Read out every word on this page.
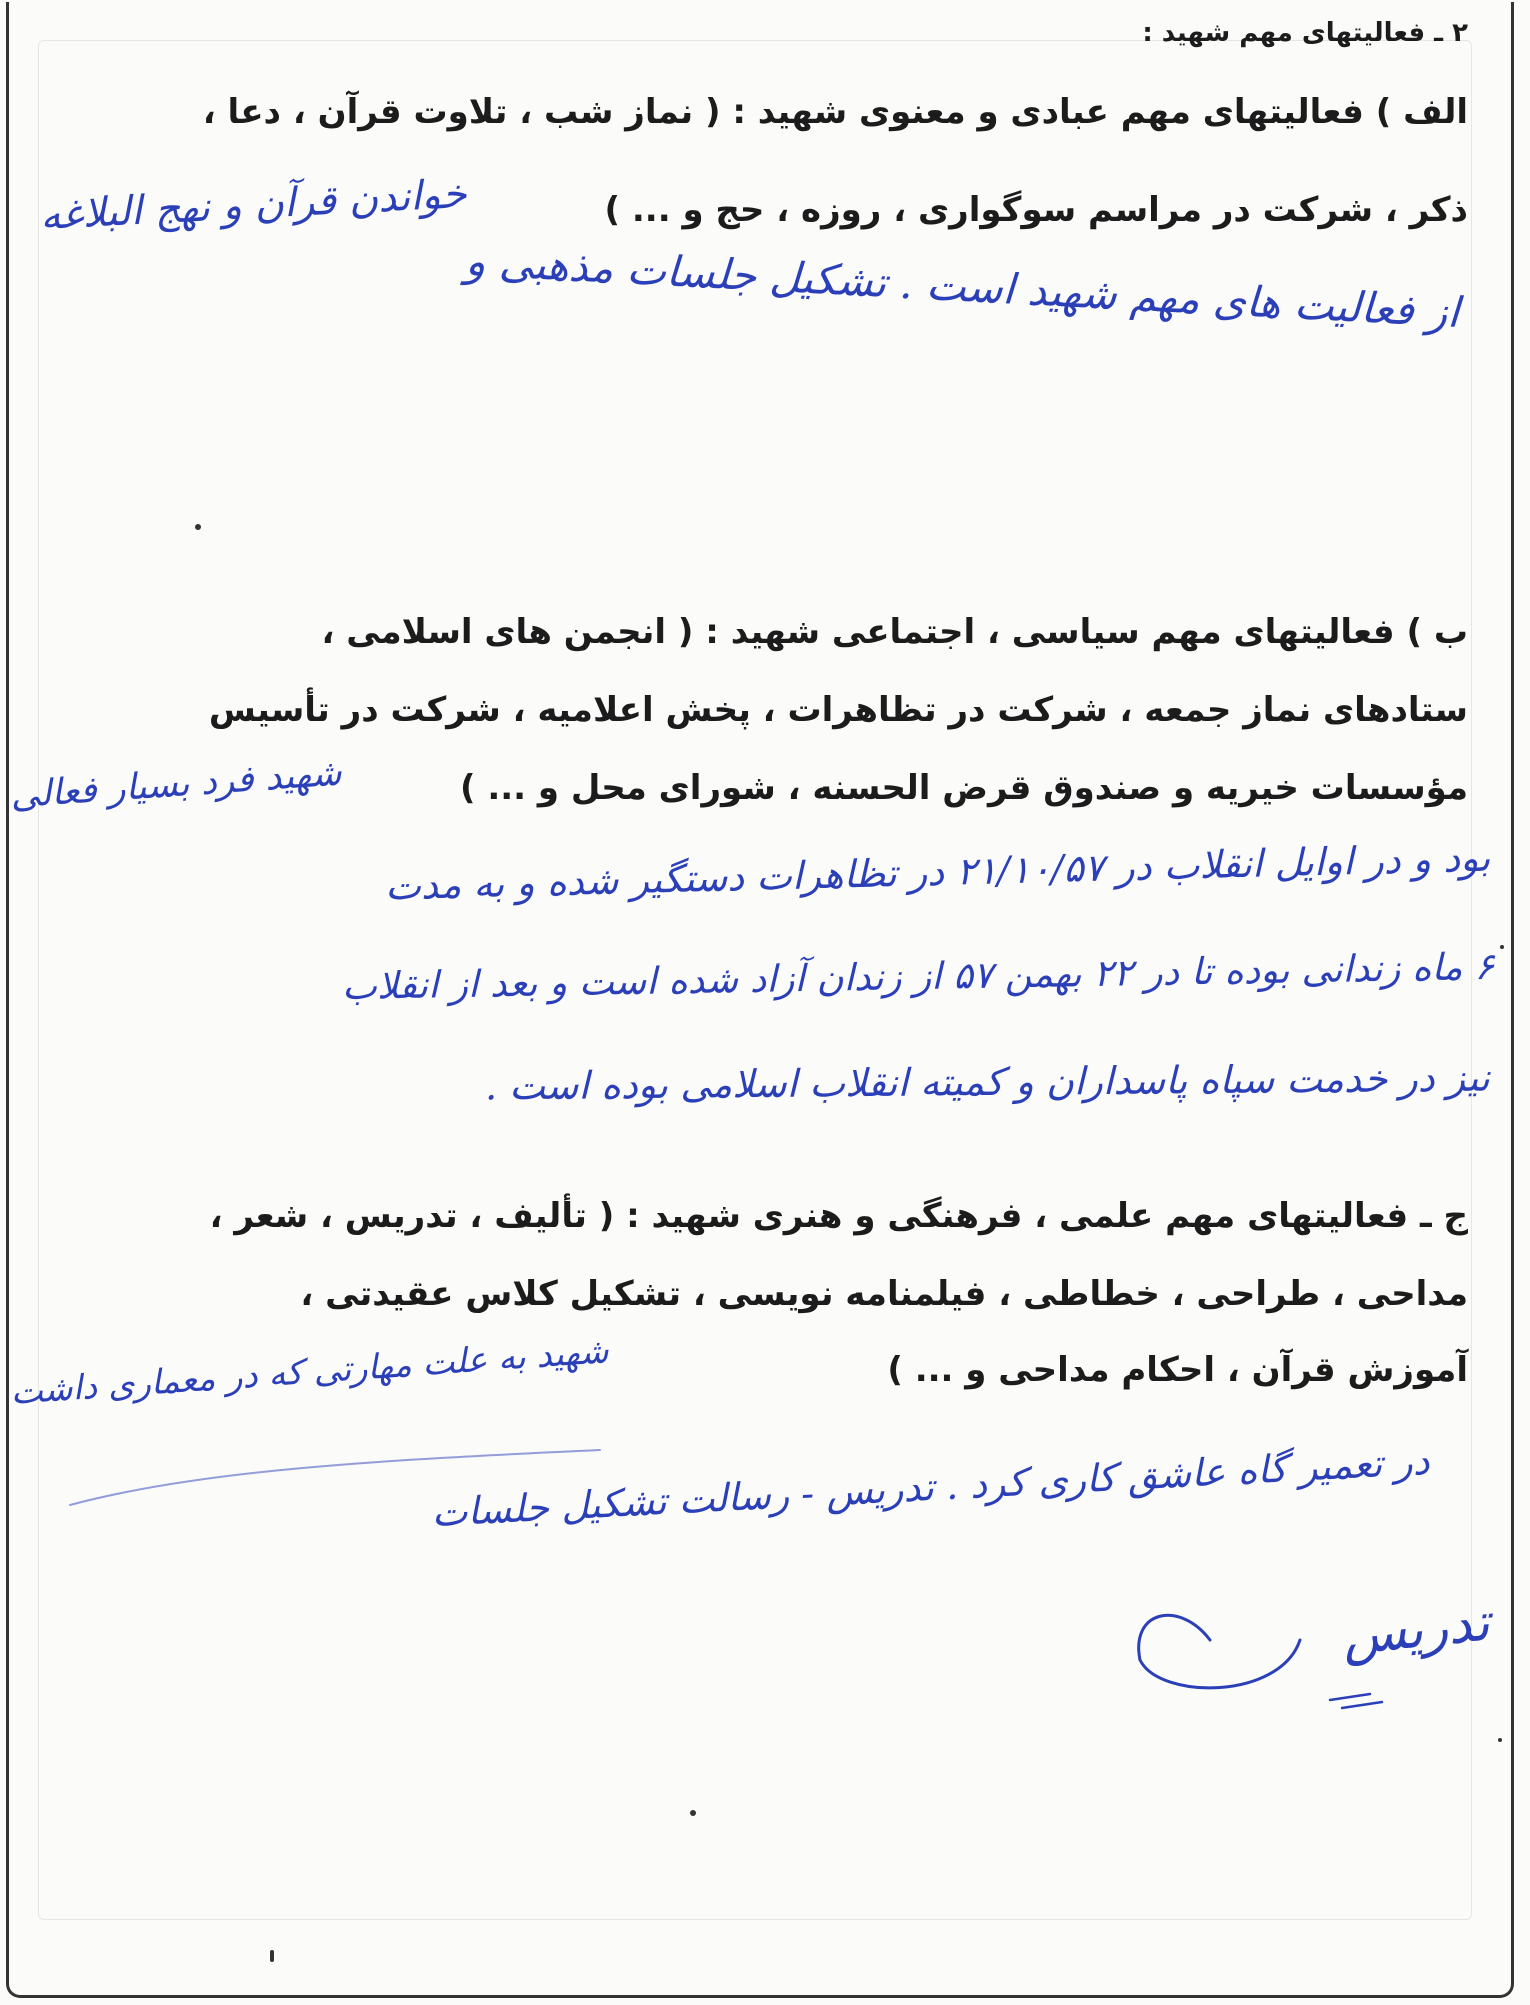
۲ ـ فعالیتهای مهم شهید :
الف ) فعالیتهای مهم عبادی و معنوی شهید : ( نماز شب ، تلاوت قرآن ، دعا ،
ذکر ، شرکت در مراسم سوگواری ، روزه ، حج و ... )
خواندن قرآن و نهج البلاغه
از فعالیت های مهم شهید است . تشکیل جلسات مذهبی و
ب ) فعالیتهای مهم سیاسی ، اجتماعی شهید : ( انجمن های اسلامی ،
ستادهای نماز جمعه ، شرکت در تظاهرات ، پخش اعلامیه ، شرکت در تأسیس
مؤسسات خیریه و صندوق قرض الحسنه ، شورای محل و ... )
شهید فرد بسیار فعالی
بود و در اوایل انقلاب در ۲۱/۱۰/۵۷ در تظاهرات دستگیر شده و به مدت
۶ ماه زندانی بوده تا در ۲۲ بهمن ۵۷ از زندان آزاد شده است و بعد از انقلاب
نیز در خدمت سپاه پاسداران و کمیته انقلاب اسلامی بوده است .
ج ـ فعالیتهای مهم علمی ، فرهنگی و هنری شهید : ( تألیف ، تدریس ، شعر ،
مداحی ، طراحی ، خطاطی ، فیلمنامه نویسی ، تشکیل کلاس عقیدتی ،
آموزش قرآن ، احکام مداحی و ... )
شهید به علت مهارتی که در معماری داشت
در تعمیر گاه عاشق کاری کرد . تدریس - رسالت تشکیل جلسات
تدریس
